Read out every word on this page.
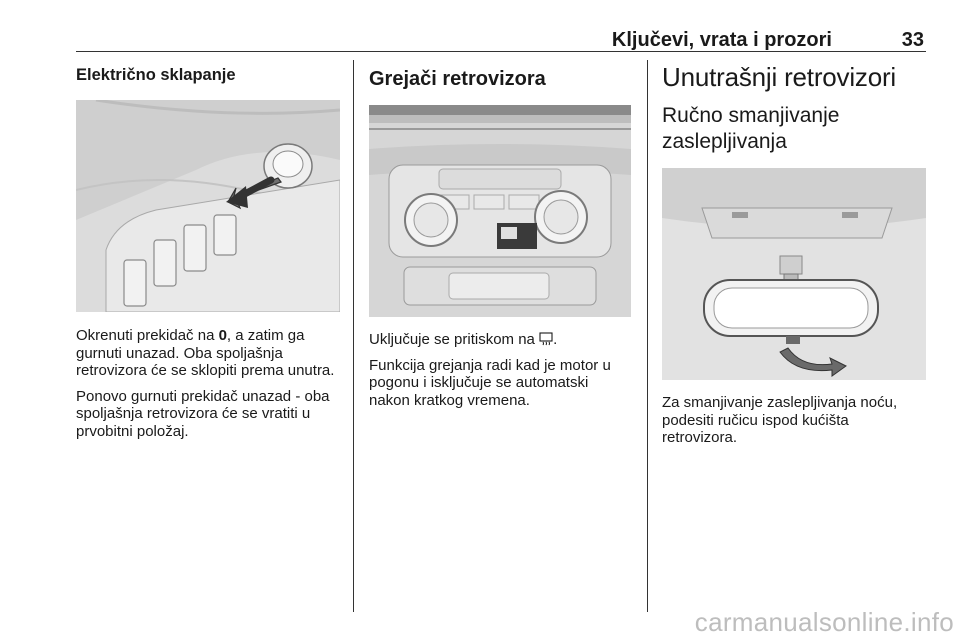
Ključevi, vrata i prozori	33
Električno sklapanje

Okrenuti prekidač na 0, a zatim ga gurnuti unazad. Oba spoljašnja retrovizora će se sklopiti prema unutra.

Ponovo gurnuti prekidač unazad - oba spoljašnja retrovizora će se vratiti u prvobitni položaj.

Grejači retrovizora

Uključuje se pritiskom na .

Funkcija grejanja radi kad je motor u pogonu i isključuje se automatski nakon kratkog vremena.

Unutrašnji retrovizori
Ručno smanjivanje zaslepljivanja

Za smanjivanje zaslepljivanja noću, podesiti ručicu ispod kućišta retrovizora.

carmanualsonline.info
